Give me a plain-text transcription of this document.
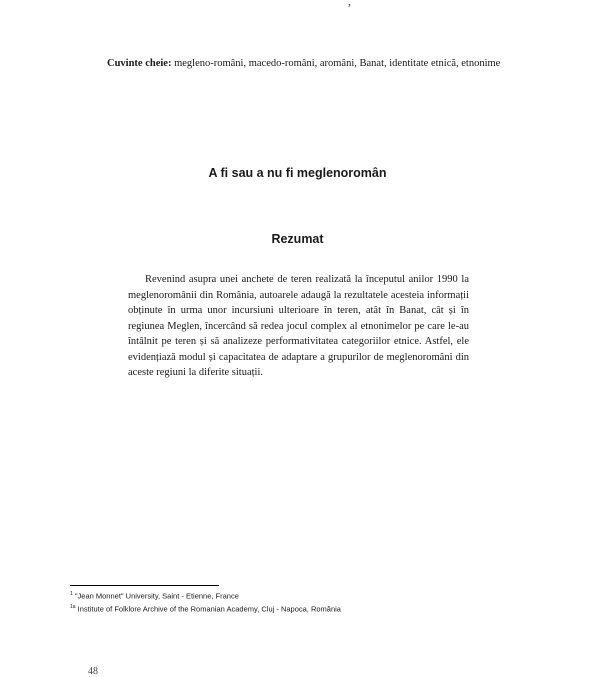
,

Cuvinte cheie: megleno-români, macedo-români, aromâni, Banat, identitate etnică, etnonime

A fi sau a nu fi meglenoromân
Rezumat

Revenind asupra unei anchete de teren realizată la începutul anilor 1990 la meglenoromânii din România, autoarele adaugă la rezultatele acesteia informații obținute în urma unor incursiuni ulterioare în teren, atât în Banat, cât și în regiunea Meglen, încercând să redea jocul complex al etnonimelor pe care le-au întâlnit pe teren și să analizeze performativitatea categoriilor etnice. Astfel, ele evidențiază modul și capacitatea de adaptare a grupurilor de meglenoromâni din aceste regiuni la diferite situații.

$^1$ "Jean Monnet" University, Saint - Etienne, France
$^{1a}$ Institute of Folklore Archive of the Romanian Academy, Cluj - Napoca, România
48
